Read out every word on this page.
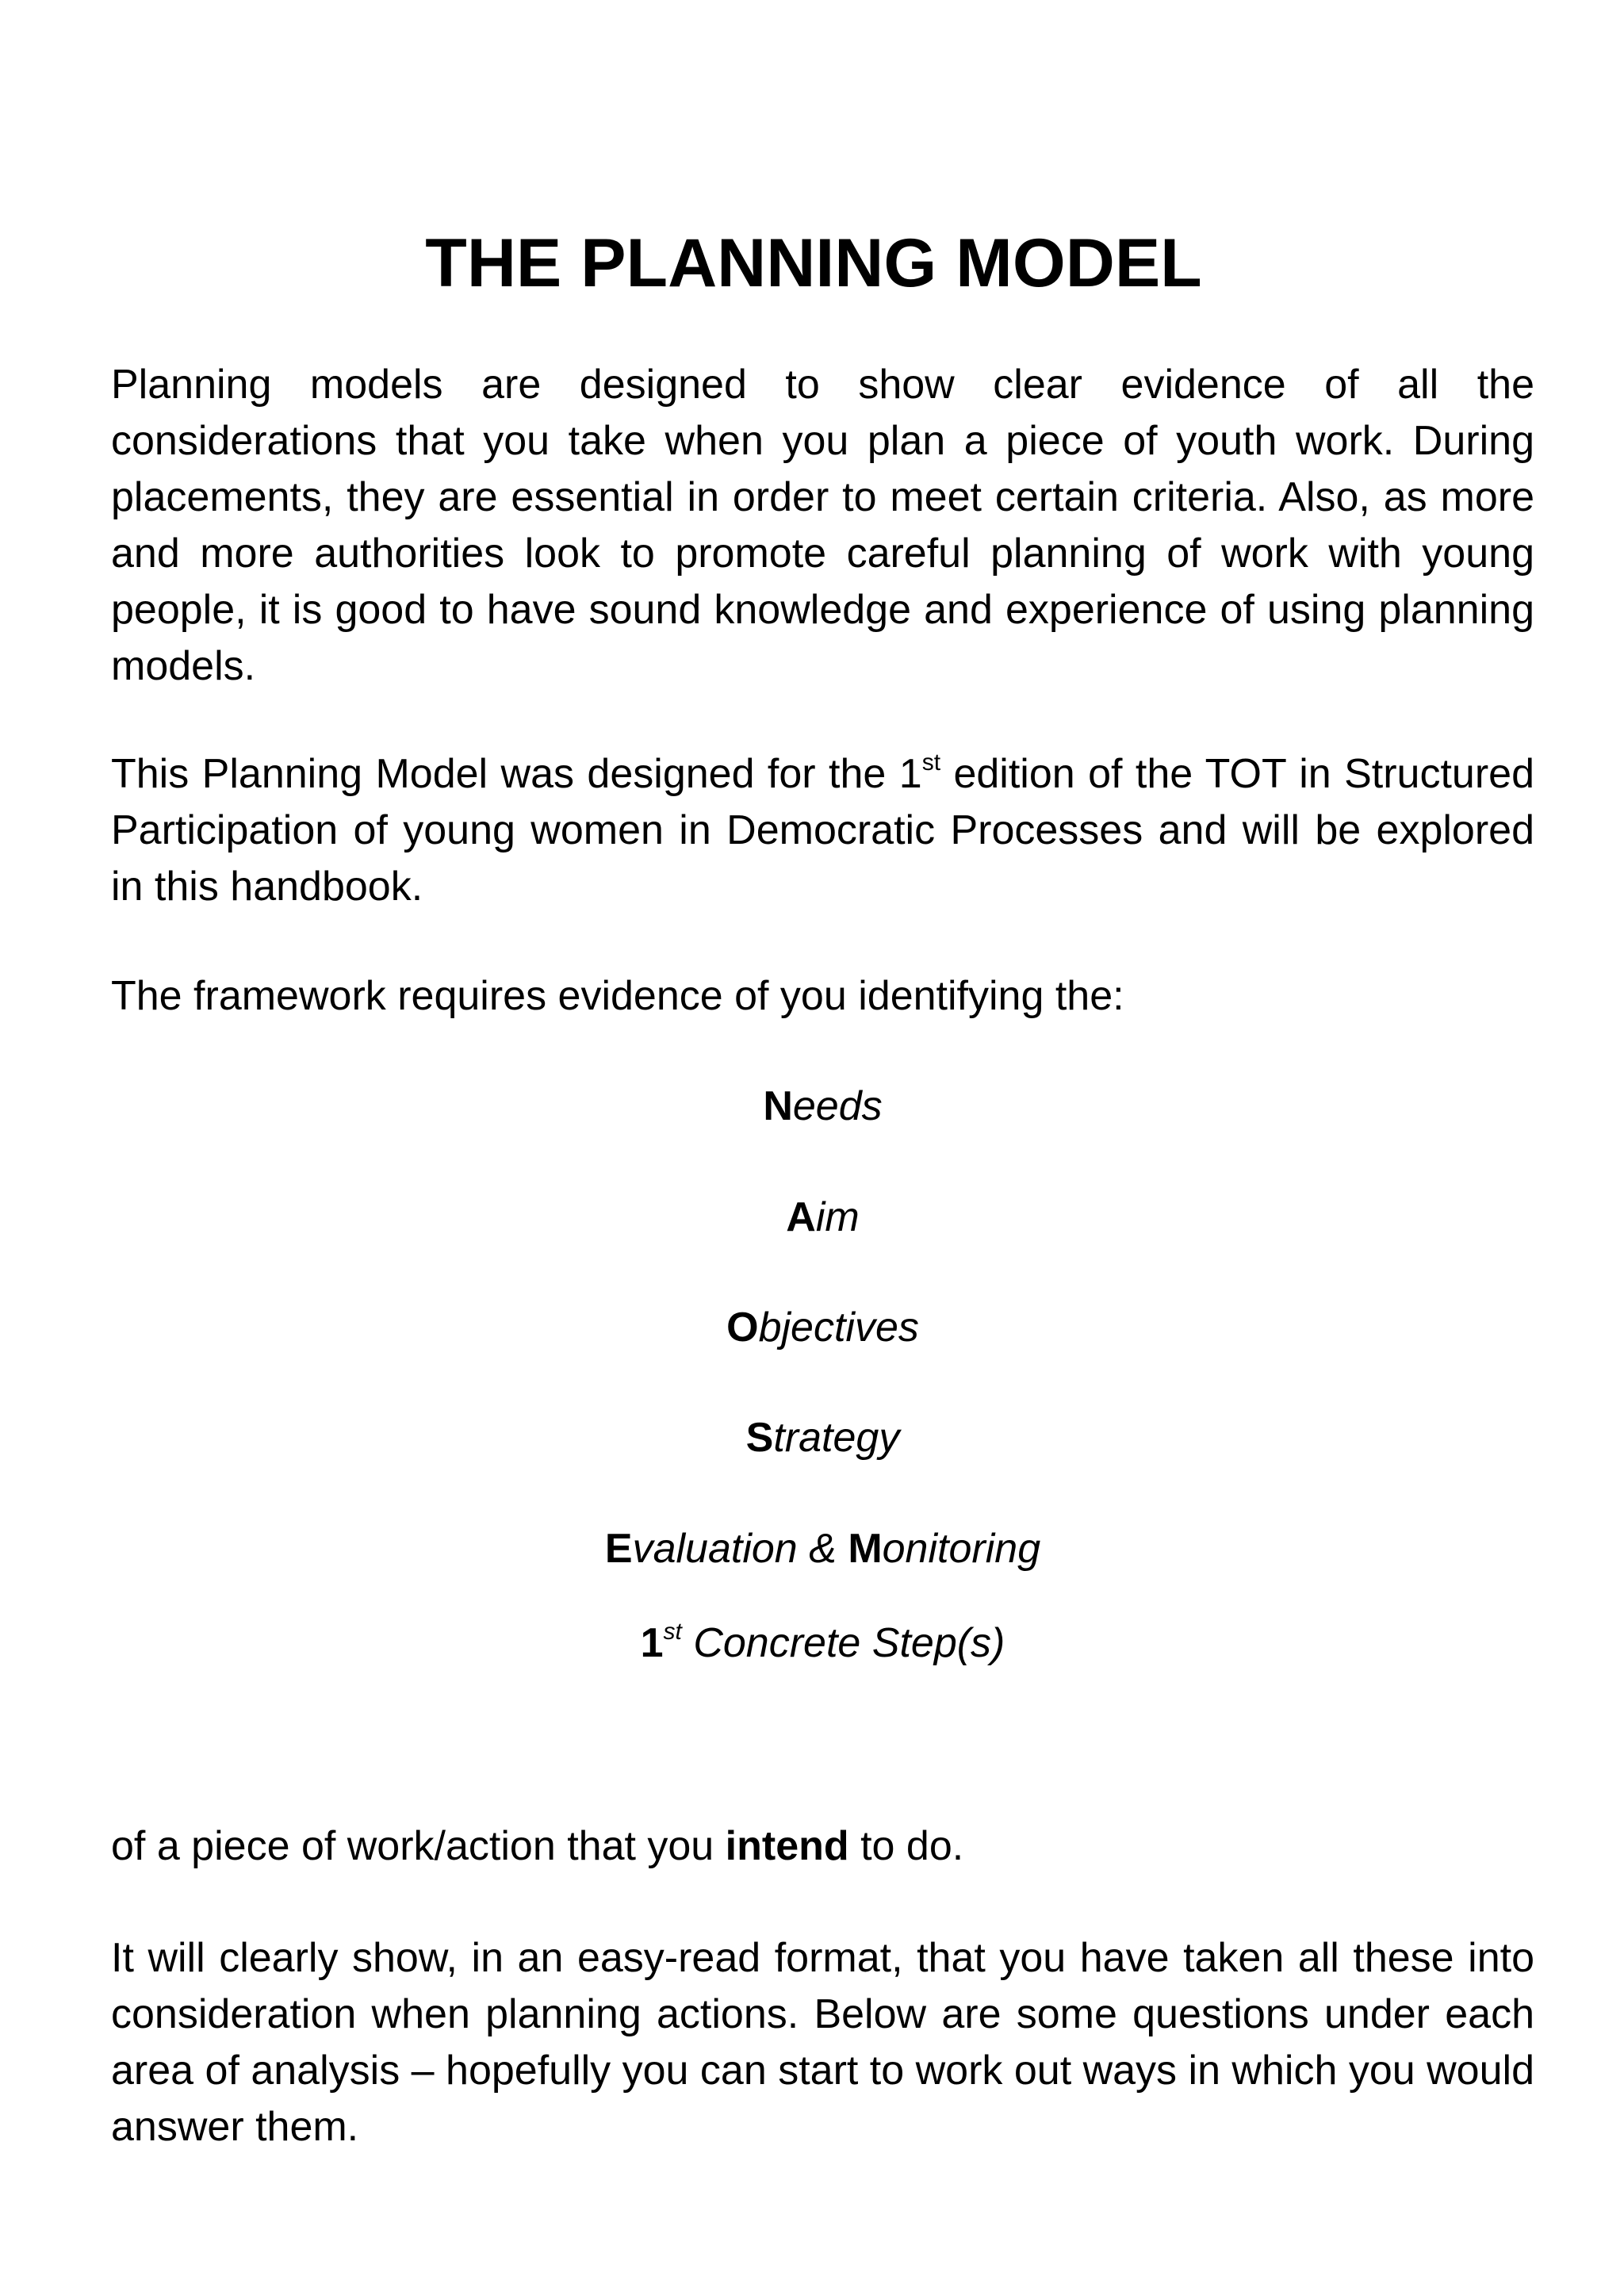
THE PLANNING MODEL

Planning models are designed to show clear evidence of all the considerations that you take when you plan a piece of youth work. During placements, they are essential in order to meet certain criteria. Also, as more and more authorities look to promote careful planning of work with young people, it is good to have sound knowledge and experience of using planning models.

This Planning Model was designed for the 1st edition of the TOT in Structured Participation of young women in Democratic Processes and will be explored in this handbook.

The framework requires evidence of you identifying the:

Needs

Aim

Objectives

Strategy

Evaluation & Monitoring

1st Concrete Step(s)

of a piece of work/action that you intend to do.

It will clearly show, in an easy-read format, that you have taken all these into consideration when planning actions. Below are some questions under each area of analysis – hopefully you can start to work out ways in which you would answer them.
